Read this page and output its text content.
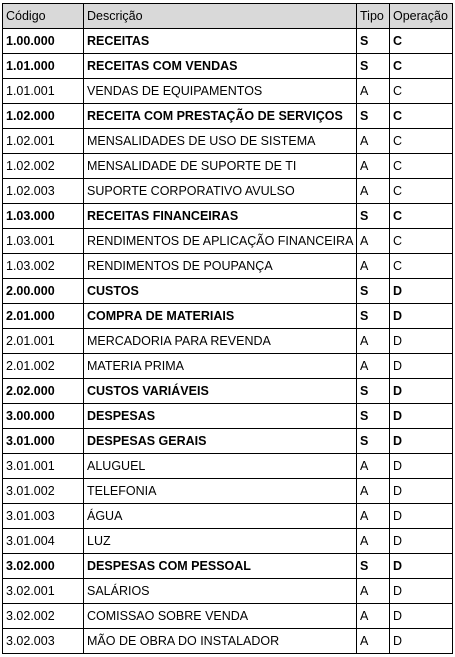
Código	Descrição	Tipo	Operação
1.00.000	RECEITAS	S	C
1.01.000	RECEITAS COM VENDAS	S	C
1.01.001	VENDAS DE EQUIPAMENTOS	A	C
1.02.000	RECEITA COM PRESTAÇÃO DE SERVIÇOS	S	C
1.02.001	MENSALIDADES DE USO DE SISTEMA	A	C
1.02.002	MENSALIDADE DE SUPORTE DE TI	A	C
1.02.003	SUPORTE CORPORATIVO AVULSO	A	C
1.03.000	RECEITAS FINANCEIRAS	S	C
1.03.001	RENDIMENTOS DE APLICAÇÃO FINANCEIRA	A	C
1.03.002	RENDIMENTOS DE POUPANÇA	A	C
2.00.000	CUSTOS	S	D
2.01.000	COMPRA DE MATERIAIS	S	D
2.01.001	MERCADORIA PARA REVENDA	A	D
2.01.002	MATERIA PRIMA	A	D
2.02.000	CUSTOS VARIÁVEIS	S	D
3.00.000	DESPESAS	S	D
3.01.000	DESPESAS GERAIS	S	D
3.01.001	ALUGUEL	A	D
3.01.002	TELEFONIA	A	D
3.01.003	ÁGUA	A	D
3.01.004	LUZ	A	D
3.02.000	DESPESAS COM PESSOAL	S	D
3.02.001	SALÁRIOS	A	D
3.02.002	COMISSAO SOBRE VENDA	A	D
3.02.003	MÃO DE OBRA DO INSTALADOR	A	D
